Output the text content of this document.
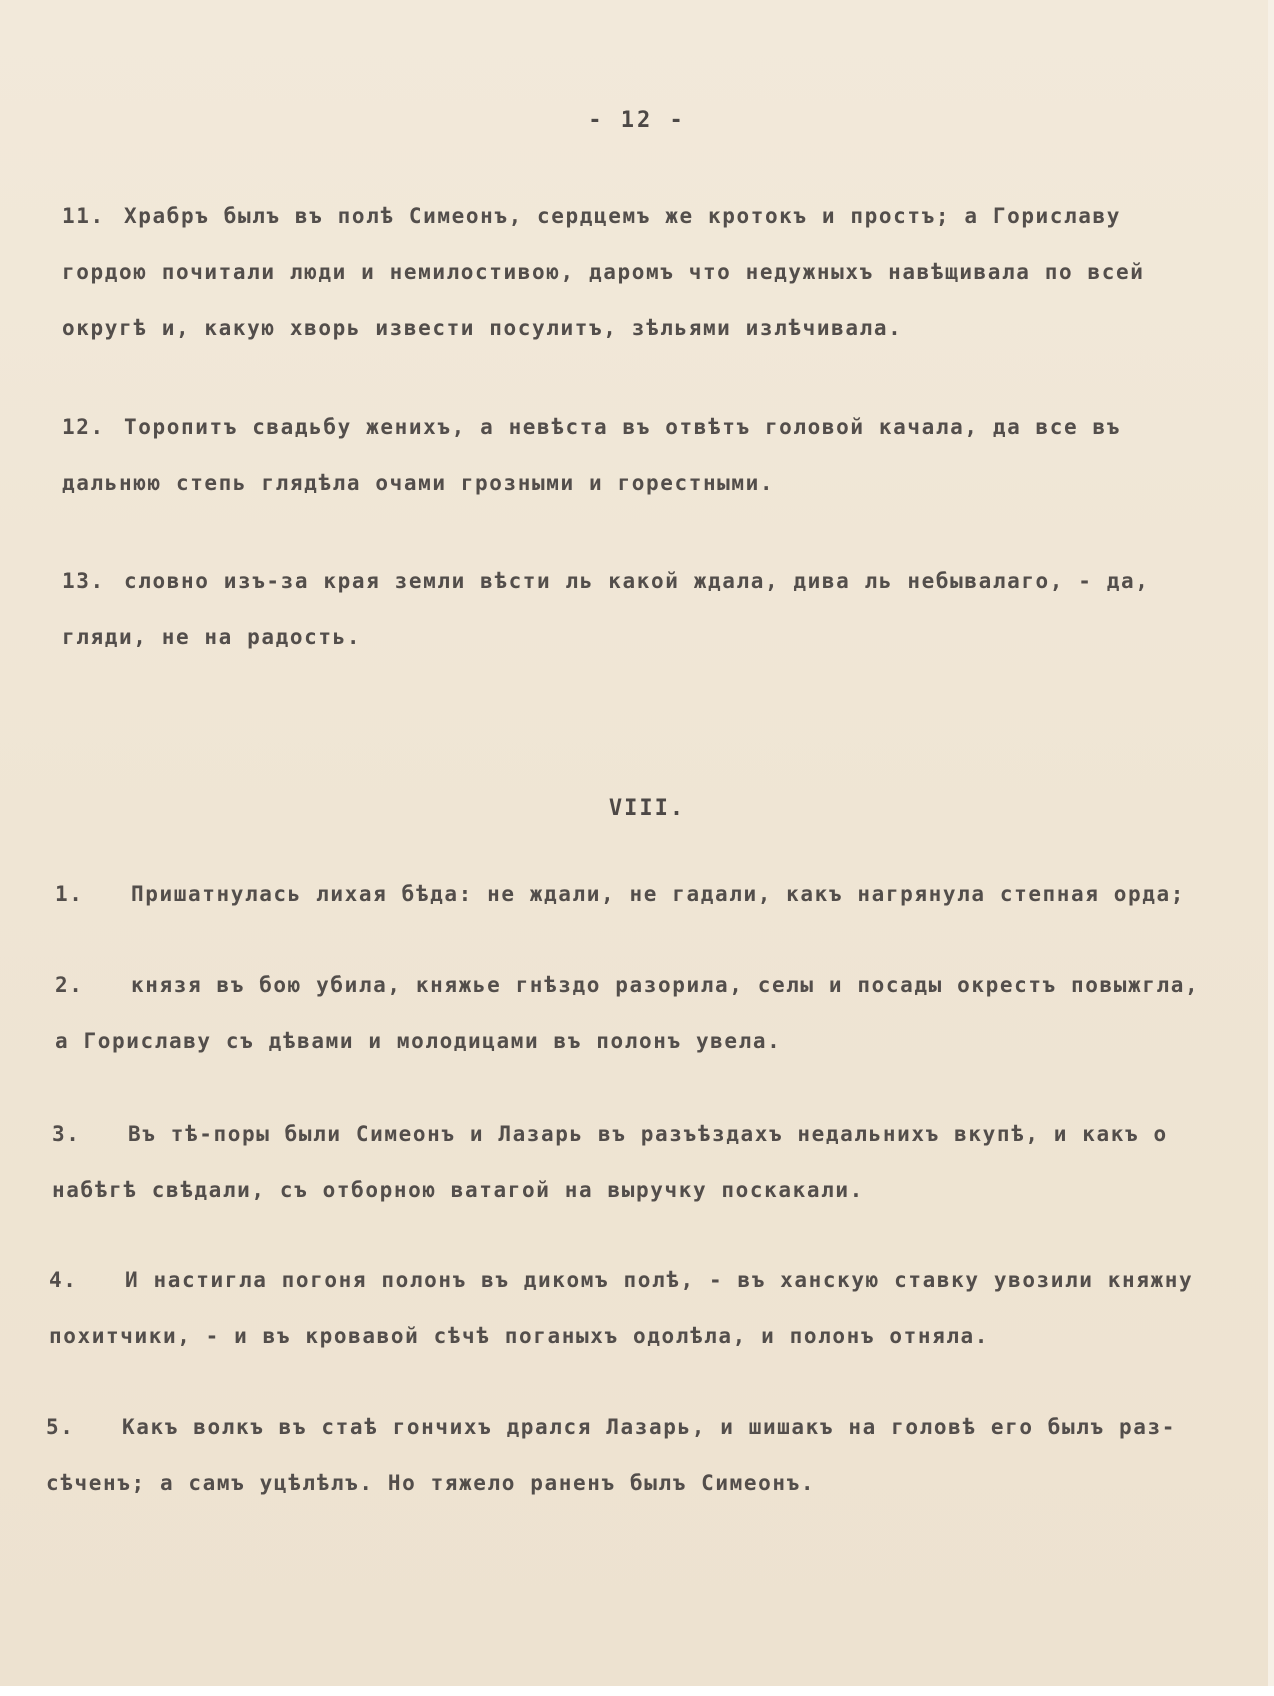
- 12 -
11. Храбръ былъ въ полѣ Симеонъ, сердцемъ же кротокъ и простъ; а Гориславу
гордою почитали люди и немилостивою, даромъ что недужныхъ навѣщивала по всей
округѣ и, какую хворь извести посулитъ, зѣльями излѣчивала.
12. Торопитъ свадьбу женихъ, а невѣста въ отвѣтъ головой качала, да все въ
дальнюю степь глядѣла очами грозными и горестными.
13. словно изъ-за края земли вѣсти ль какой ждала, дива ль небывалаго, - да,
гляди, не на радость.
VIII.
1. Пришатнулась лихая бѣда: не ждали, не гадали, какъ нагрянула степная орда;
2. князя въ бою убила, княжье гнѣздо разорила, селы и посады окрестъ повыжгла,
а Гориславу съ дѣвами и молодицами въ полонъ увела.
3. Въ тѣ-поры были Симеонъ и Лазарь въ разъѣздахъ недальнихъ вкупѣ, и какъ о
набѣгѣ свѣдали, съ отборною ватагой на выручку поскакали.
4. И настигла погоня полонъ въ дикомъ полѣ, - въ ханскую ставку увозили княжну
похитчики, - и въ кровавой сѣчѣ поганыхъ одолѣла, и полонъ отняла.
5. Какъ волкъ въ стаѣ гончихъ дрался Лазарь, и шишакъ на головѣ его былъ раз-
сѣченъ; а самъ уцѣлѣлъ. Но тяжело раненъ былъ Симеонъ.
